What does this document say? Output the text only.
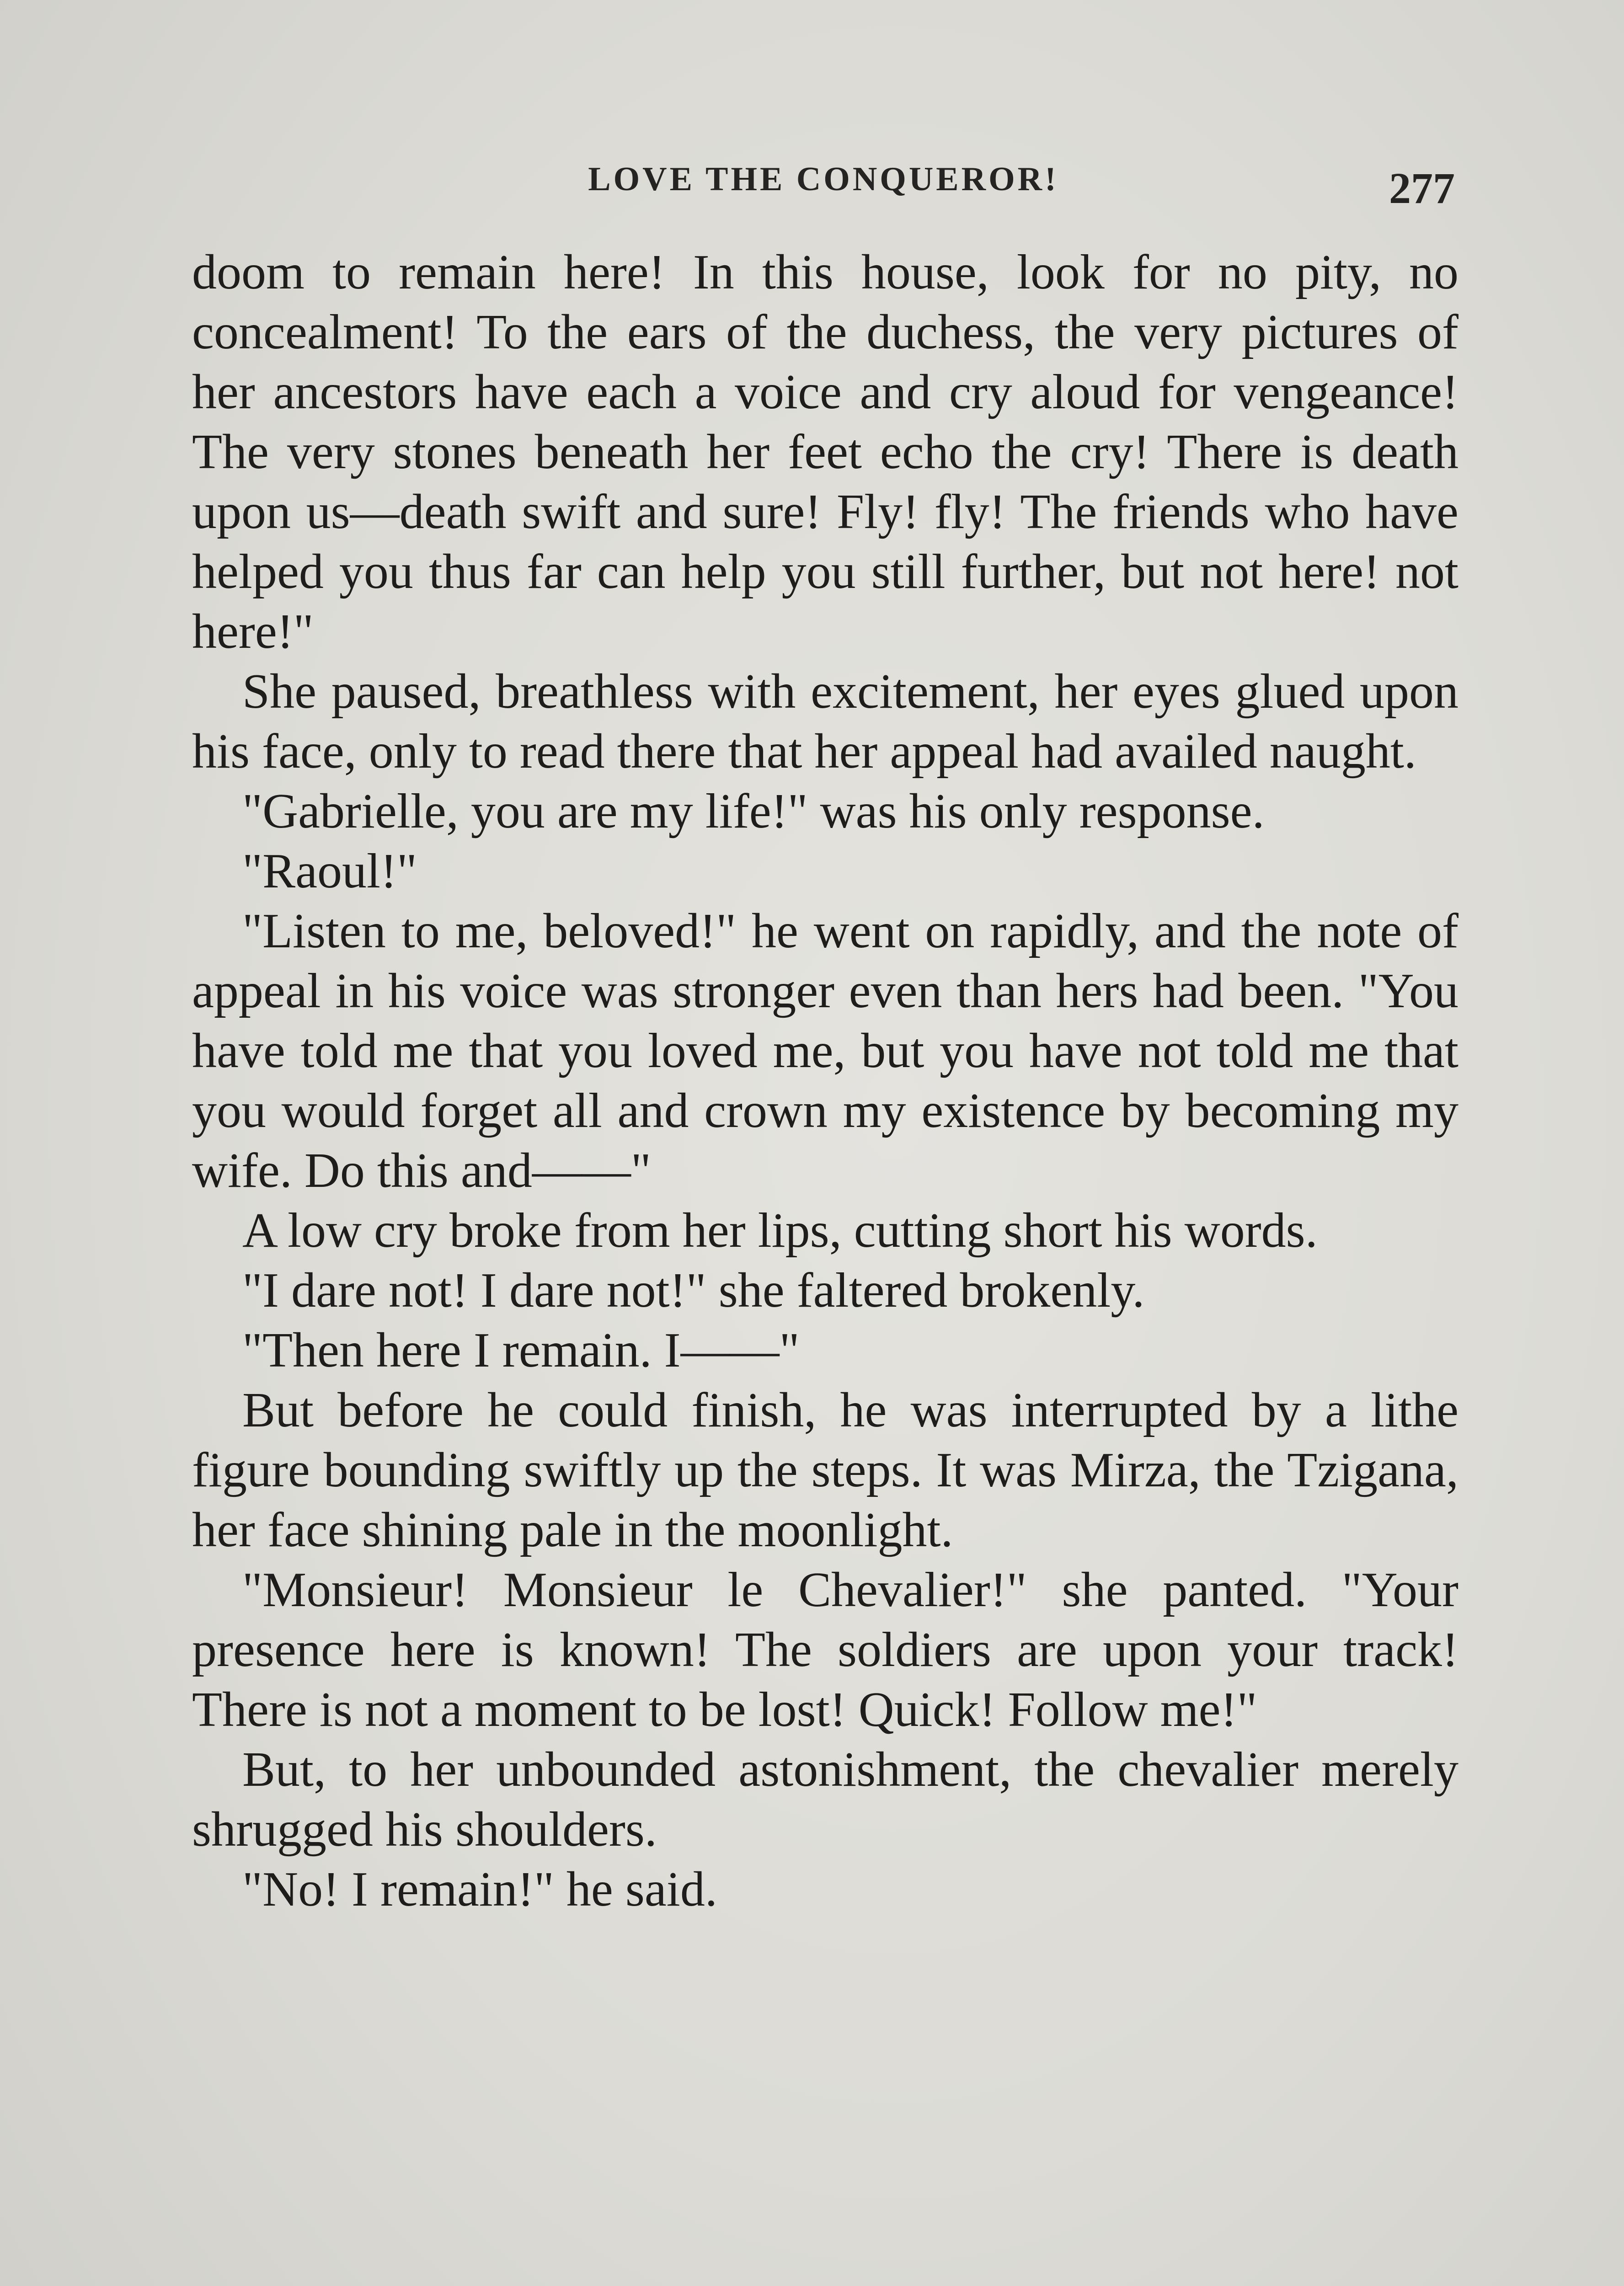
LOVE THE CONQUEROR!	277

doom to remain here! In this house, look for no pity, no concealment! To the ears of the duchess, the very pictures of her ancestors have each a voice and cry aloud for vengeance! The very stones beneath her feet echo the cry! There is death upon us—death swift and sure! Fly! fly! The friends who have helped you thus far can help you still further, but not here! not here!"

She paused, breathless with excitement, her eyes glued upon his face, only to read there that her appeal had availed naught.

"Gabrielle, you are my life!" was his only response.

"Raoul!"

"Listen to me, beloved!" he went on rapidly, and the note of appeal in his voice was stronger even than hers had been. "You have told me that you loved me, but you have not told me that you would forget all and crown my existence by becoming my wife. Do this and——"

A low cry broke from her lips, cutting short his words.

"I dare not! I dare not!" she faltered brokenly.

"Then here I remain. I——"

But before he could finish, he was interrupted by a lithe figure bounding swiftly up the steps. It was Mirza, the Tzigana, her face shining pale in the moonlight.

"Monsieur! Monsieur le Chevalier!" she panted. "Your presence here is known! The soldiers are upon your track! There is not a moment to be lost! Quick! Follow me!"

But, to her unbounded astonishment, the chevalier merely shrugged his shoulders.

"No! I remain!" he said.
